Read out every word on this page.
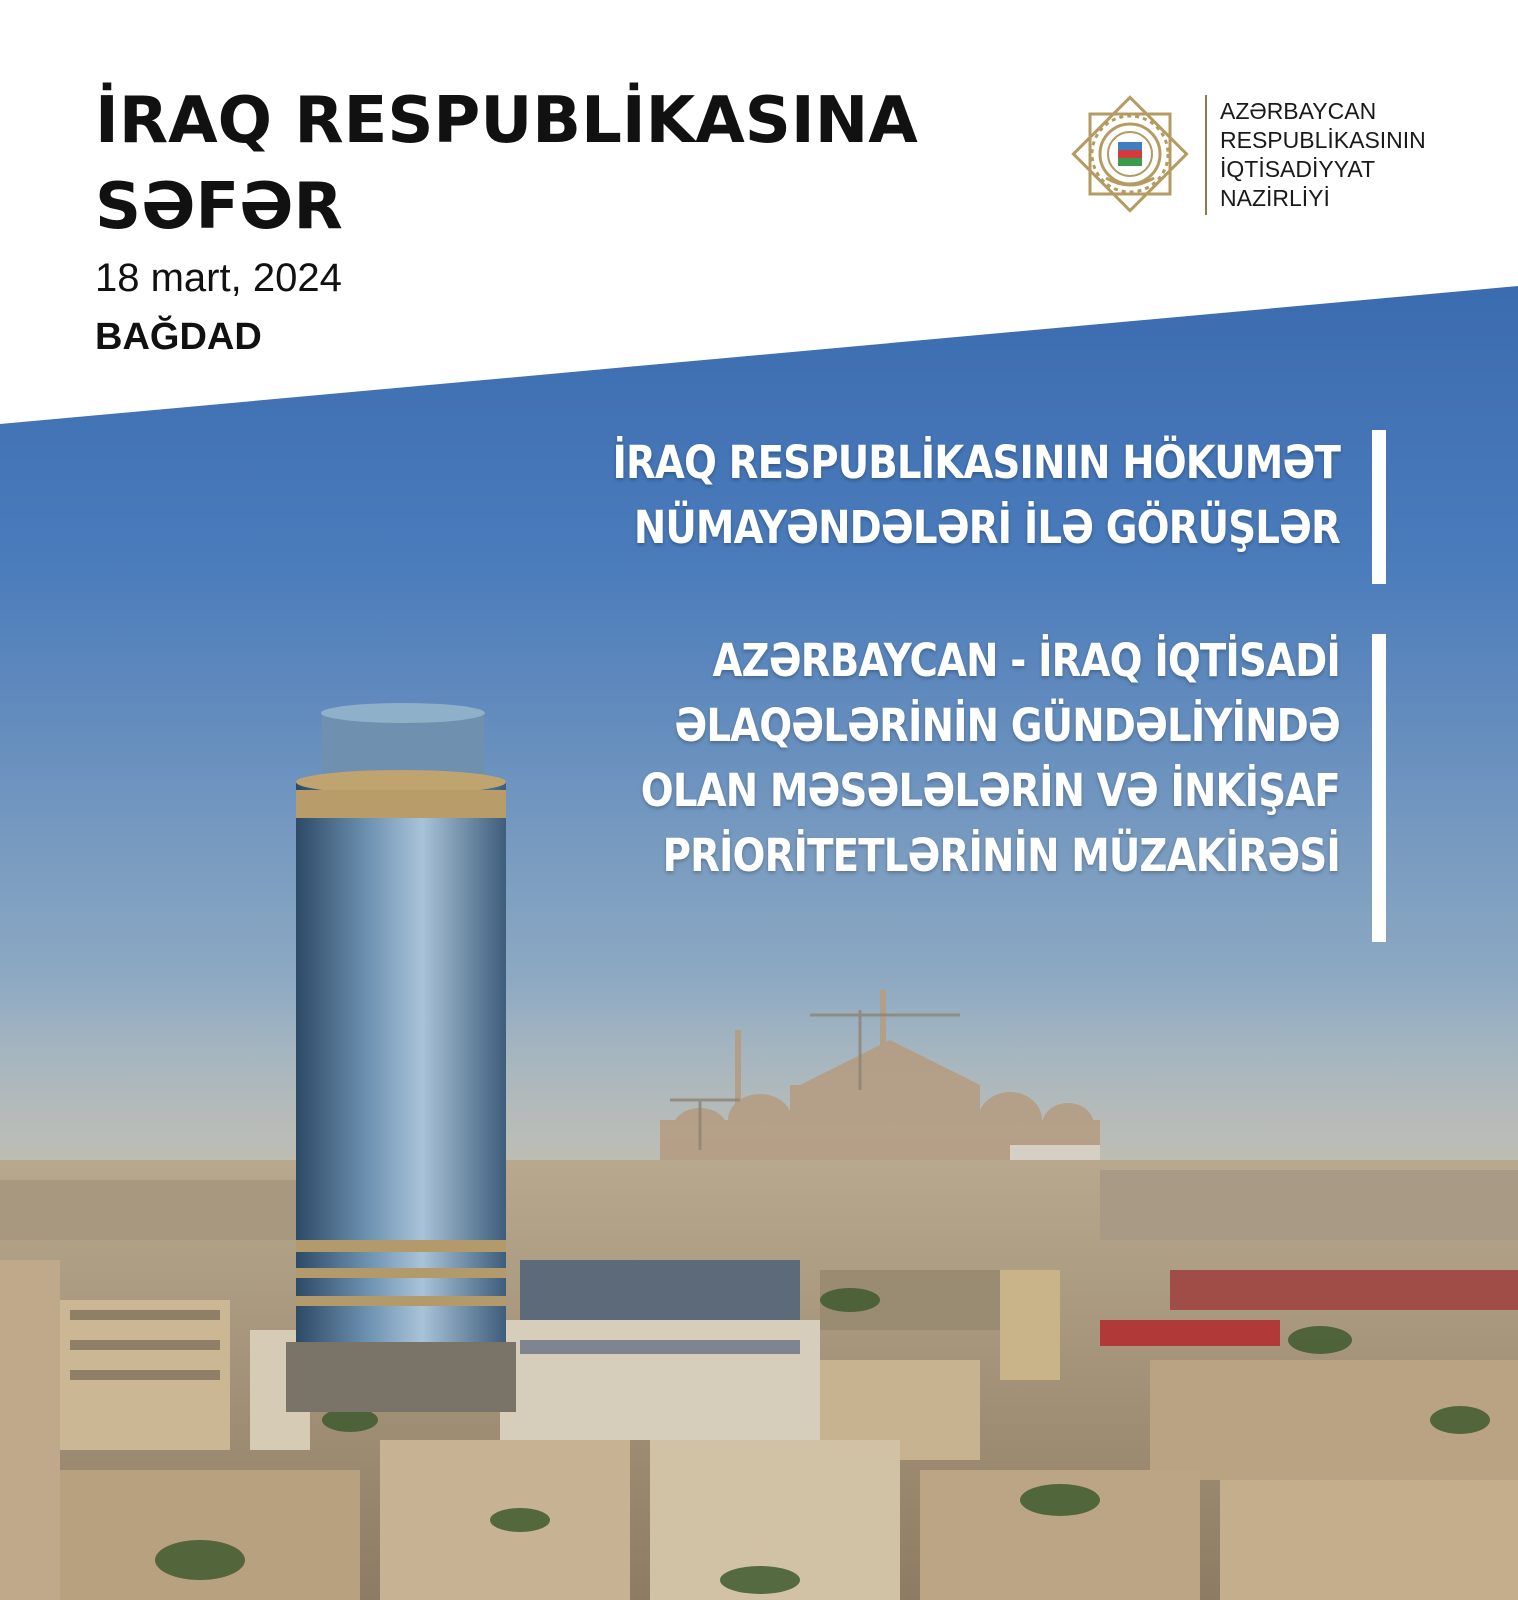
İRAQ RESPUBLİKASINA
SƏFƏR
18 mart, 2024
BAĞDAD
AZƏRBAYCAN
RESPUBLİKASININ
İQTİSADİYYAT
NAZİRLİYİ
İRAQ RESPUBLİKASININ HÖKUMƏT
NÜMAYƏNDƏLƏRİ İLƏ GÖRÜŞLƏR
AZƏRBAYCAN - İRAQ İQTİSADİ
ƏLAQƏLƏRİNİN GÜNDƏLİYİNDƏ
OLAN MƏSƏLƏLƏRİN VƏ İNKİŞAF
PRİORİTETLƏRİNİN MÜZAKİRƏSİ
